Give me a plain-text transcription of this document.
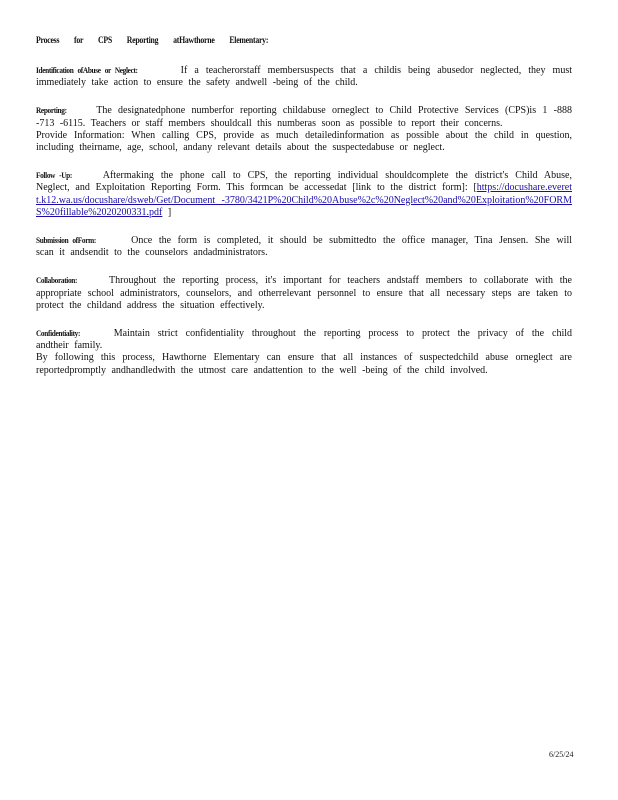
Process for CPS Reporting atHawthorne Elementary:
Identification ofAbuse or Neglect:	If a teacherorstaff membersuspects that a childis being abusedor neglected, they must immediately take action to ensure the safety andwell -being of the child.
Reporting:	The designatedphone numberfor reporting childabuse orneglect to Child Protective Services (CPS)is 1 -888 -713 -6115. Teachers or staff members shouldcall this numberas soon as possible to report their concerns.
Provide Information: When calling CPS, provide as much detailedinformation as possible about the child in question, including theirname, age, school, andany relevant details about the suspectedabuse or neglect.
Follow -Up:	Aftermaking the phone call to CPS, the reporting individual shouldcomplete the district's Child Abuse, Neglect, and Exploitation Reporting Form. This formcan be accessedat [link to the district form]: [https://docushare.everett.k12.wa.us/docushare/dsweb/Get/Document -3780/3421P%20Child%20Abuse%2c%20Neglect%20and%20Exploitation%20FORMS%20fillable%2020200331.pdf ]
Submission ofForm:	Once the form is completed, it should be submittedto the office manager, Tina Jensen. She will scan it andsendit to the counselors andadministrators.
Collaboration:	Throughout the reporting process, it's important for teachers andstaff members to collaborate with the appropriate school administrators, counselors, and otherrelevant personnel to ensure that all necessary steps are taken to protect the childand address the situation effectively.
Confidentiality:	Maintain strict confidentiality throughout the reporting process to protect the privacy of the child andtheir family.
By following this process, Hawthorne Elementary can ensure that all instances of suspectedchild abuse orneglect are reportedpromptly andhandledwith the utmost care andattention to the well -being of the child involved.
6/25/24
